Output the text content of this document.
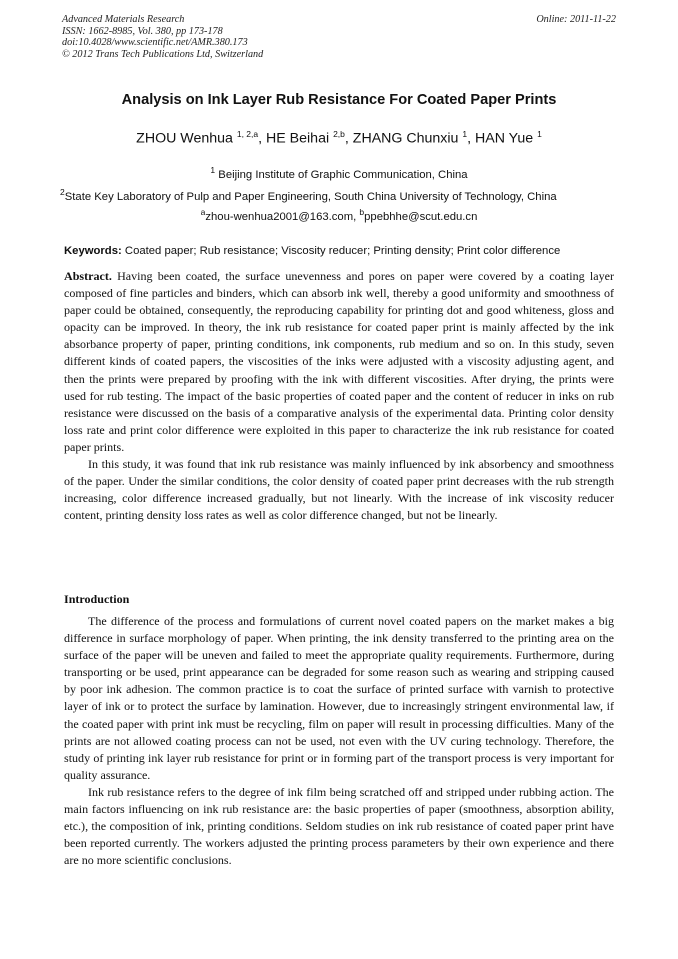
Advanced Materials Research
ISSN: 1662-8985, Vol. 380, pp 173-178
doi:10.4028/www.scientific.net/AMR.380.173
© 2012 Trans Tech Publications Ltd, Switzerland
Online: 2011-11-22
Analysis on Ink Layer Rub Resistance For Coated Paper Prints
ZHOU Wenhua $^{1, 2,a}$, HE Beihai $^{2,b}$, ZHANG Chunxiu $^1$, HAN Yue $^1$
$^1$ Beijing Institute of Graphic Communication, China
$^2$State Key Laboratory of Pulp and Paper Engineering, South China University of Technology, China
$^a$zhou-wenhua2001@163.com, $^b$ppebhhe@scut.edu.cn
Keywords: Coated paper; Rub resistance; Viscosity reducer; Printing density; Print color difference

Abstract. Having been coated, the surface unevenness and pores on paper were covered by a coating layer composed of fine particles and binders, which can absorb ink well, thereby a good uniformity and smoothness of paper could be obtained, consequently, the reproducing capability for printing dot and good whiteness, gloss and opacity can be improved. In theory, the ink rub resistance for coated paper print is mainly affected by the ink absorbance property of paper, printing conditions, ink components, rub medium and so on. In this study, seven different kinds of coated papers, the viscosities of the inks were adjusted with a viscosity adjusting agent, and then the prints were prepared by proofing with the ink with different viscosities. After drying, the prints were used for rub testing. The impact of the basic properties of coated paper and the content of reducer in inks on rub resistance were discussed on the basis of a comparative analysis of the experimental data. Printing color density loss rate and print color difference were exploited in this paper to characterize the ink rub resistance for coated paper prints.

In this study, it was found that ink rub resistance was mainly influenced by ink absorbency and smoothness of the paper. Under the similar conditions, the color density of coated paper print decreases with the rub strength increasing, color difference increased gradually, but not linearly. With the increase of ink viscosity reducer content, printing density loss rates as well as color difference changed, but not be linearly.

Introduction

The difference of the process and formulations of current novel coated papers on the market makes a big difference in surface morphology of paper. When printing, the ink density transferred to the printing area on the surface of the paper will be uneven and failed to meet the appropriate quality requirements. Furthermore, during transporting or be used, print appearance can be degraded for some reason such as wearing and stripping caused by poor ink adhesion. The common practice is to coat the surface of printed surface with varnish to protective layer of ink or to protect the surface by lamination. However, due to increasingly stringent environmental law, if the coated paper with print ink must be recycling, film on paper will result in processing difficulties. Many of the prints are not allowed coating process can not be used, not even with the UV curing technology. Therefore, the study of printing ink layer rub resistance for print or in forming part of the transport process is very important for quality assurance.

Ink rub resistance refers to the degree of ink film being scratched off and stripped under rubbing action. The main factors influencing on ink rub resistance are: the basic properties of paper (smoothness, absorption ability, etc.), the composition of ink, printing conditions. Seldom studies on ink rub resistance of coated paper print have been reported currently. The workers adjusted the printing process parameters by their own experience and there are no more scientific conclusions.
